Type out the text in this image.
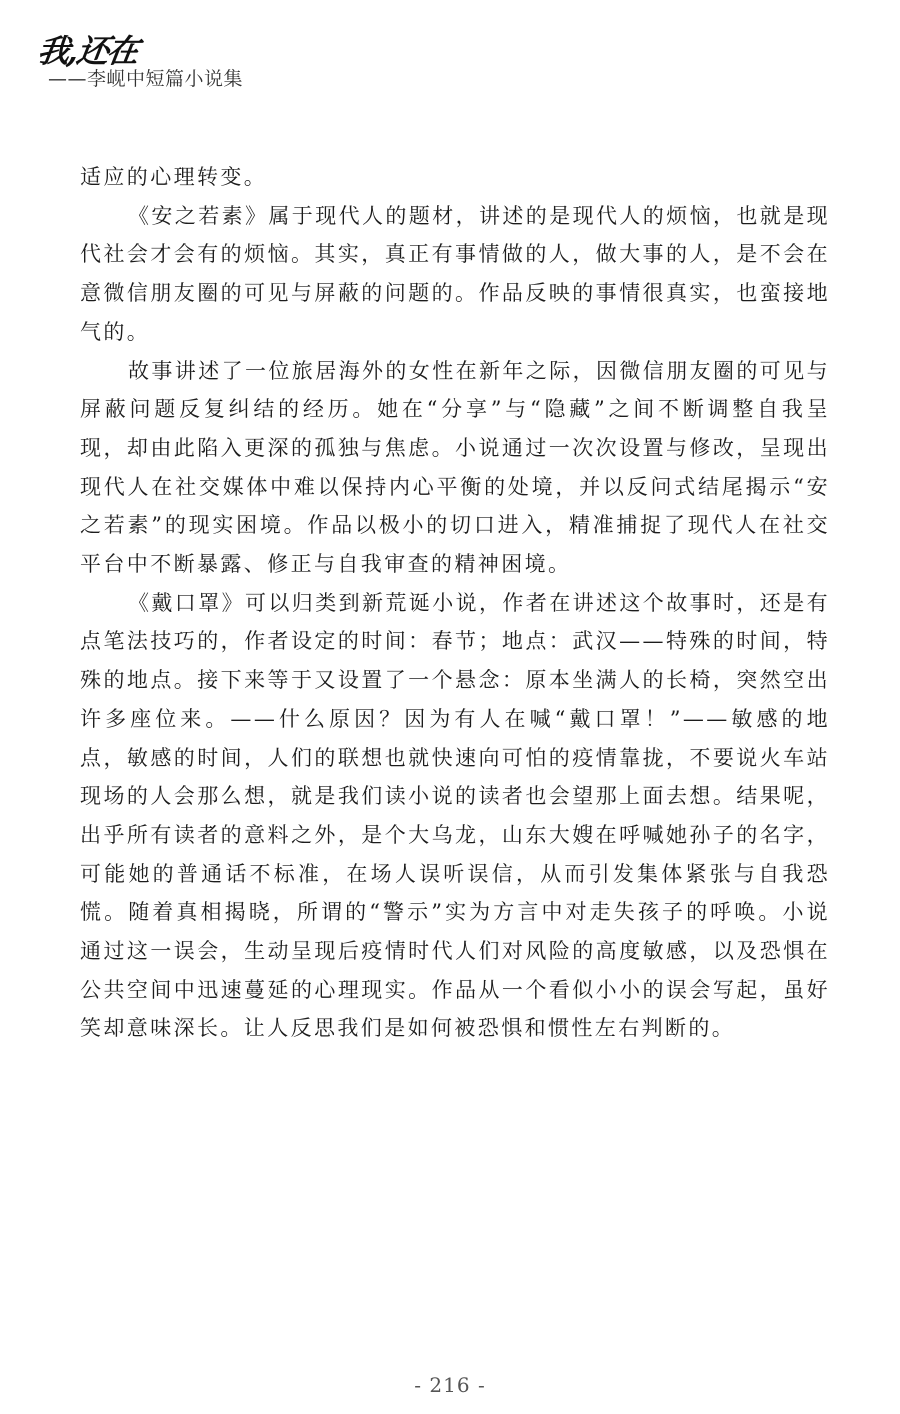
我,还在
——李岘中短篇小说集

适应的心理转变。

《安之若素》属于现代人的题材，讲述的是现代人的烦恼，也就是现代社会才会有的烦恼。其实，真正有事情做的人，做大事的人，是不会在意微信朋友圈的可见与屏蔽的问题的。作品反映的事情很真实，也蛮接地气的。

故事讲述了一位旅居海外的女性在新年之际，因微信朋友圈的可见与屏蔽问题反复纠结的经历。她在“分享”与“隐藏”之间不断调整自我呈现，却由此陷入更深的孤独与焦虑。小说通过一次次设置与修改，呈现出现代人在社交媒体中难以保持内心平衡的处境，并以反问式结尾揭示“安之若素”的现实困境。作品以极小的切口进入，精准捕捉了现代人在社交平台中不断暴露、修正与自我审查的精神困境。

《戴口罩》可以归类到新荒诞小说，作者在讲述这个故事时，还是有点笔法技巧的，作者设定的时间：春节；地点：武汉——特殊的时间，特殊的地点。接下来等于又设置了一个悬念：原本坐满人的长椅，突然空出许多座位来。——什么原因？因为有人在喊“戴口罩！”——敏感的地点，敏感的时间，人们的联想也就快速向可怕的疫情靠拢，不要说火车站现场的人会那么想，就是我们读小说的读者也会望那上面去想。结果呢，出乎所有读者的意料之外，是个大乌龙，山东大嫂在呼喊她孙子的名字，可能她的普通话不标准，在场人误听误信，从而引发集体紧张与自我恐慌。随着真相揭晓，所谓的“警示”实为方言中对走失孩子的呼唤。小说通过这一误会，生动呈现后疫情时代人们对风险的高度敏感，以及恐惧在公共空间中迅速蔓延的心理现实。作品从一个看似小小的误会写起，虽好笑却意味深长。让人反思我们是如何被恐惧和惯性左右判断的。

- 216 -
